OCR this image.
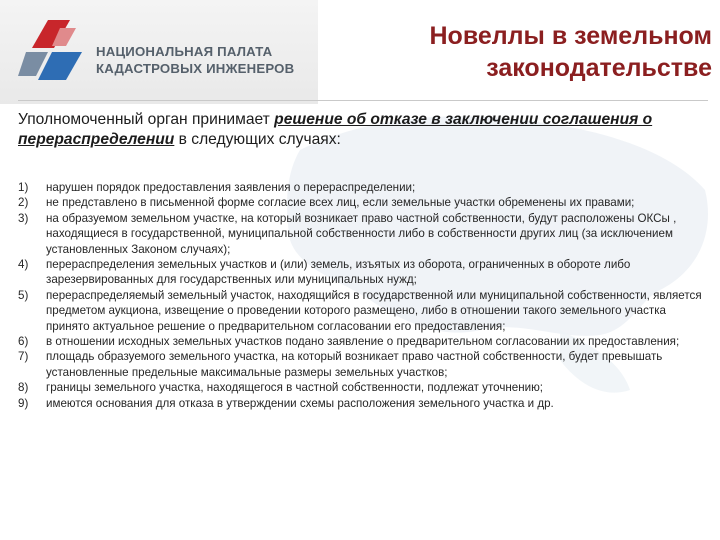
НАЦИОНАЛЬНАЯ ПАЛАТА
КАДАСТРОВЫХ ИНЖЕНЕРОВ
Новеллы в земельном
законодательстве
Уполномоченный орган принимает решение об отказе в заключении соглашения о перераспределении в следующих случаях:
1) нарушен порядок предоставления заявления о перераспределении;
2) не представлено в письменной форме согласие всех лиц, если земельные участки обременены их правами;
3) на образуемом земельном участке, на который возникает право частной собственности, будут расположены ОКСы , находящиеся в государственной, муниципальной собственности либо в собственности других лиц (за исключением установленных Законом случаях);
4) перераспределения земельных участков и (или) земель, изъятых из оборота, ограниченных в обороте либо зарезервированных для государственных или муниципальных нужд;
5) перераспределяемый земельный участок, находящийся в государственной или муниципальной собственности, является предметом аукциона, извещение о проведении которого размещено, либо в отношении такого земельного участка принято актуальное решение о предварительном согласовании его предоставления;
6) в отношении исходных земельных участков подано заявление о предварительном согласовании их предоставления;
7) площадь образуемого земельного участка, на который возникает право частной собственности, будет превышать установленные предельные максимальные размеры земельных участков;
8) границы земельного участка, находящегося в частной собственности, подлежат уточнению;
9) имеются основания для отказа в утверждении схемы расположения земельного участка и др.
